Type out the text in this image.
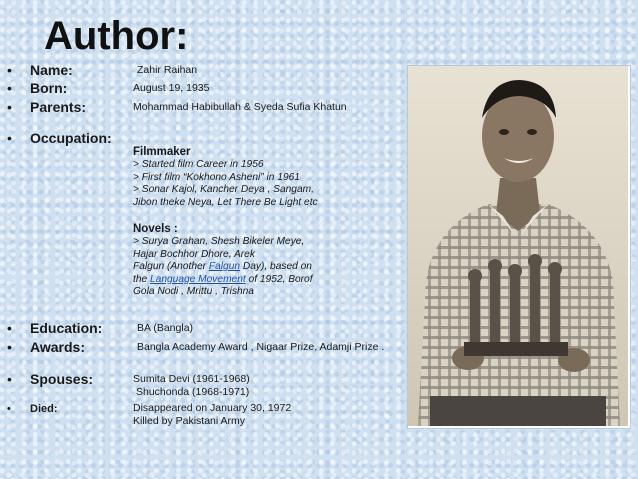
Author:
• Name:	Zahir Raihan
• Born:	August 19, 1935
• Parents:	Mohammad Habibullah & Syeda Sufia Khatun
• Occupation:
Filmmaker
> Started film Career in 1956
> First film “Kokhono Asheni” in 1961
> Sonar Kajol, Kancher Deya , Sangam,
Jibon theke Neya, Let There Be Light etc
Novels :
> Surya Grahan, Shesh Bikeler Meye,
Hajar Bochhor Dhore, Arek
Falgun (Another Falgun Day), based on
the Language Movement of 1952, Borof
Gola Nodi , Mrittu , Trishna
• Education:	BA (Bangla)
• Awards:	Bangla Academy Award , Nigaar Prize, Adamji Prize .
• Spouses:	Sumita Devi (1961-1968)
Shuchonda (1968-1971)
• Died:	Disappeared on January 30, 1972
Killed by Pakistani Army
